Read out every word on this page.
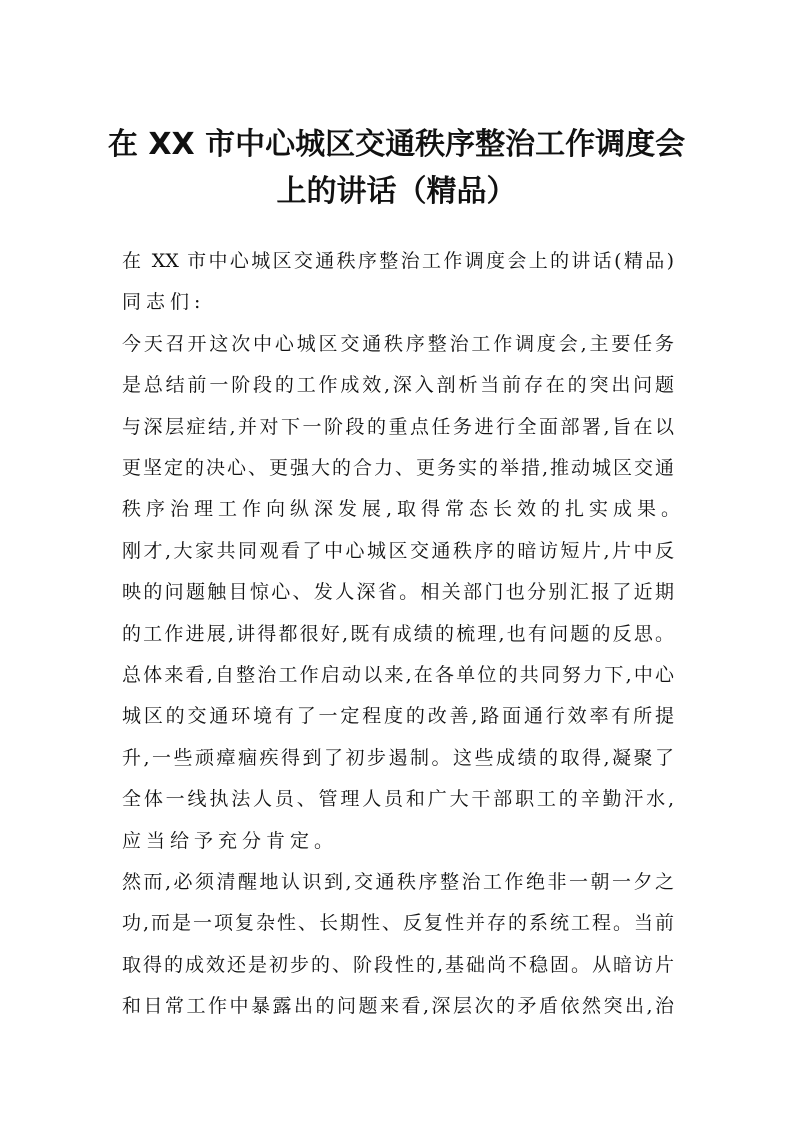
在 XX 市中心城区交通秩序整治工作调度会
上的讲话（精品）
在 XX 市中心城区交通秩序整治工作调度会上的讲话(精品)
同志们:
今天召开这次中心城区交通秩序整治工作调度会,主要任务
是总结前一阶段的工作成效,深入剖析当前存在的突出问题
与深层症结,并对下一阶段的重点任务进行全面部署,旨在以
更坚定的决心、更强大的合力、更务实的举措,推动城区交通
秩序治理工作向纵深发展,取得常态长效的扎实成果。
刚才,大家共同观看了中心城区交通秩序的暗访短片,片中反
映的问题触目惊心、发人深省。相关部门也分别汇报了近期
的工作进展,讲得都很好,既有成绩的梳理,也有问题的反思。
总体来看,自整治工作启动以来,在各单位的共同努力下,中心
城区的交通环境有了一定程度的改善,路面通行效率有所提
升,一些顽瘴痼疾得到了初步遏制。这些成绩的取得,凝聚了
全体一线执法人员、管理人员和广大干部职工的辛勤汗水,
应当给予充分肯定。
然而,必须清醒地认识到,交通秩序整治工作绝非一朝一夕之
功,而是一项复杂性、长期性、反复性并存的系统工程。当前
取得的成效还是初步的、阶段性的,基础尚不稳固。从暗访片
和日常工作中暴露出的问题来看,深层次的矛盾依然突出,治
